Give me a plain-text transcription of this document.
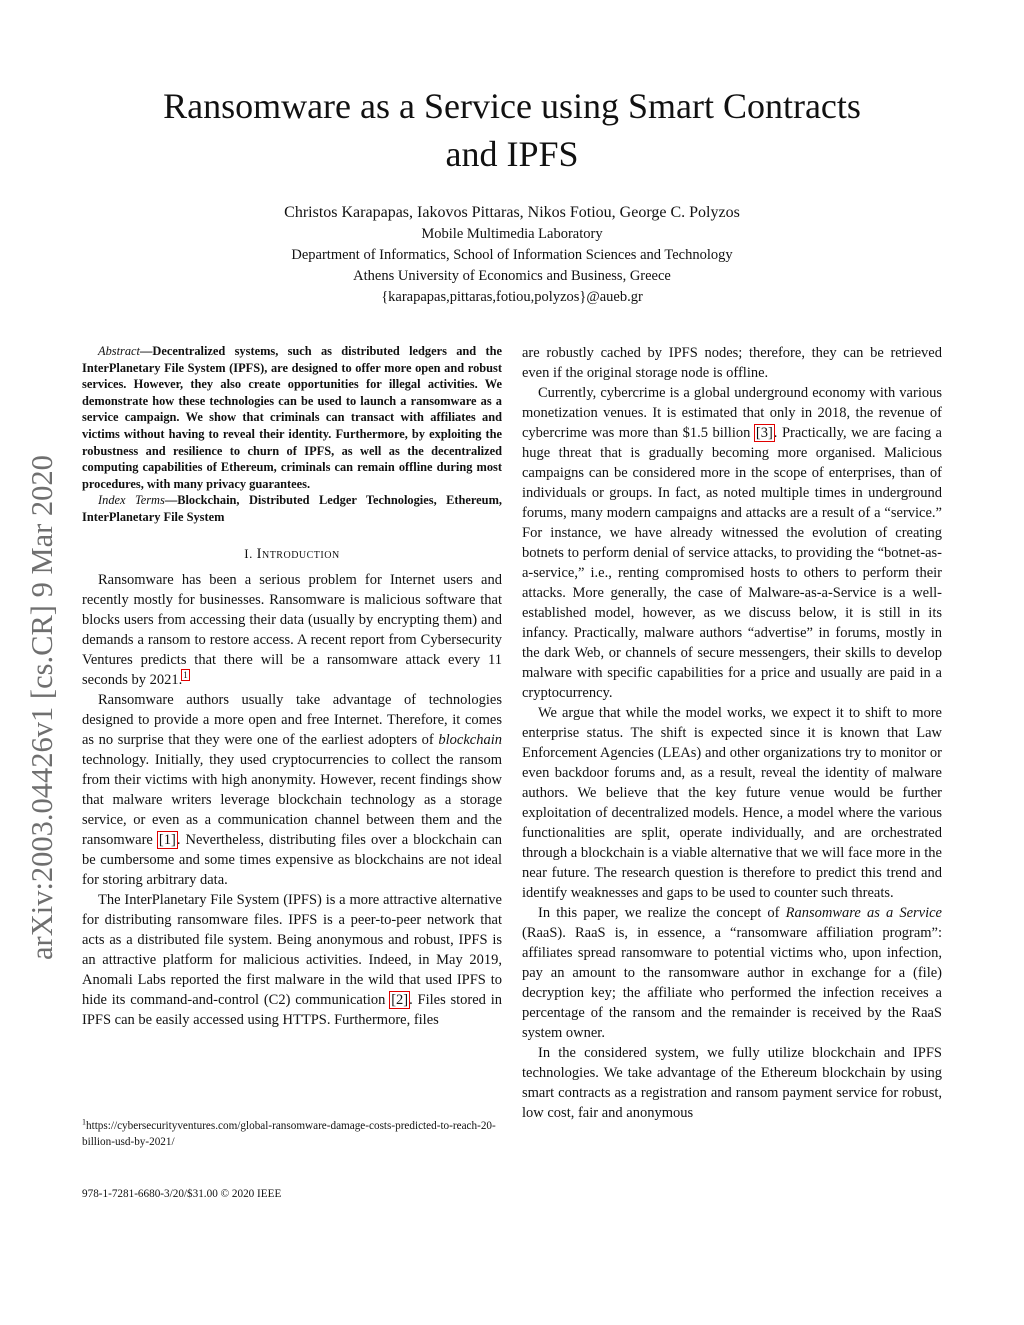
Ransomware as a Service using Smart Contracts
and IPFS
Christos Karapapas, Iakovos Pittaras, Nikos Fotiou, George C. Polyzos
Mobile Multimedia Laboratory
Department of Informatics, School of Information Sciences and Technology
Athens University of Economics and Business, Greece
{karapapas,pittaras,fotiou,polyzos}@aueb.gr
arXiv:2003.04426v1 [cs.CR] 9 Mar 2020

Abstract—Decentralized systems, such as distributed ledgers and the InterPlanetary File System (IPFS), are designed to offer more open and robust services. However, they also create opportunities for illegal activities. We demonstrate how these technologies can be used to launch a ransomware as a service campaign. We show that criminals can transact with affiliates and victims without having to reveal their identity. Furthermore, by exploiting the robustness and resilience to churn of IPFS, as well as the decentralized computing capabilities of Ethereum, criminals can remain offline during most procedures, with many privacy guarantees.

Index Terms—Blockchain, Distributed Ledger Technologies, Ethereum, InterPlanetary File System

I. Introduction

Ransomware has been a serious problem for Internet users and recently mostly for businesses. Ransomware is malicious software that blocks users from accessing their data (usually by encrypting them) and demands a ransom to restore access. A recent report from Cybersecurity Ventures predicts that there will be a ransomware attack every 11 seconds by 2021.$^1$

Ransomware authors usually take advantage of technologies designed to provide a more open and free Internet. Therefore, it comes as no surprise that they were one of the earliest adopters of blockchain technology. Initially, they used cryptocurrencies to collect the ransom from their victims with high anonymity. However, recent findings show that malware writers leverage blockchain technology as a storage service, or even as a communication channel between them and the ransomware [1]. Nevertheless, distributing files over a blockchain can be cumbersome and some times expensive as blockchains are not ideal for storing arbitrary data.

The InterPlanetary File System (IPFS) is a more attractive alternative for distributing ransomware files. IPFS is a peer-to-peer network that acts as a distributed file system. Being anonymous and robust, IPFS is an attractive platform for malicious activities. Indeed, in May 2019, Anomali Labs reported the first malware in the wild that used IPFS to hide its command-and-control (C2) communication [2]. Files stored in IPFS can be easily accessed using HTTPS. Furthermore, files

are robustly cached by IPFS nodes; therefore, they can be retrieved even if the original storage node is offline.

Currently, cybercrime is a global underground economy with various monetization venues. It is estimated that only in 2018, the revenue of cybercrime was more than $1.5 billion [3]. Practically, we are facing a huge threat that is gradually becoming more organised. Malicious campaigns can be considered more in the scope of enterprises, than of individuals or groups. In fact, as noted multiple times in underground forums, many modern campaigns and attacks are a result of a “service.” For instance, we have already witnessed the evolution of creating botnets to perform denial of service attacks, to providing the “botnet-as-a-service,” i.e., renting compromised hosts to others to perform their attacks. More generally, the case of Malware-as-a-Service is a well-established model, however, as we discuss below, it is still in its infancy. Practically, malware authors “advertise” in forums, mostly in the dark Web, or channels of secure messengers, their skills to develop malware with specific capabilities for a price and usually are paid in a cryptocurrency.

We argue that while the model works, we expect it to shift to more enterprise status. The shift is expected since it is known that Law Enforcement Agencies (LEAs) and other organizations try to monitor or even backdoor forums and, as a result, reveal the identity of malware authors. We believe that the key future venue would be further exploitation of decentralized models. Hence, a model where the various functionalities are split, operate individually, and are orchestrated through a blockchain is a viable alternative that we will face more in the near future. The research question is therefore to predict this trend and identify weaknesses and gaps to be used to counter such threats.

In this paper, we realize the concept of Ransomware as a Service (RaaS). RaaS is, in essence, a “ransomware affiliation program”: affiliates spread ransomware to potential victims who, upon infection, pay an amount to the ransomware author in exchange for a (file) decryption key; the affiliate who performed the infection receives a percentage of the ransom and the remainder is received by the RaaS system owner.

In the considered system, we fully utilize blockchain and IPFS technologies. We take advantage of the Ethereum blockchain by using smart contracts as a registration and ransom payment service for robust, low cost, fair and anonymous

$^1$https://cybersecurityventures.com/global-ransomware-damage-costs-predicted-to-reach-20-billion-usd-by-2021/
978-1-7281-6680-3/20/$31.00 © 2020 IEEE
